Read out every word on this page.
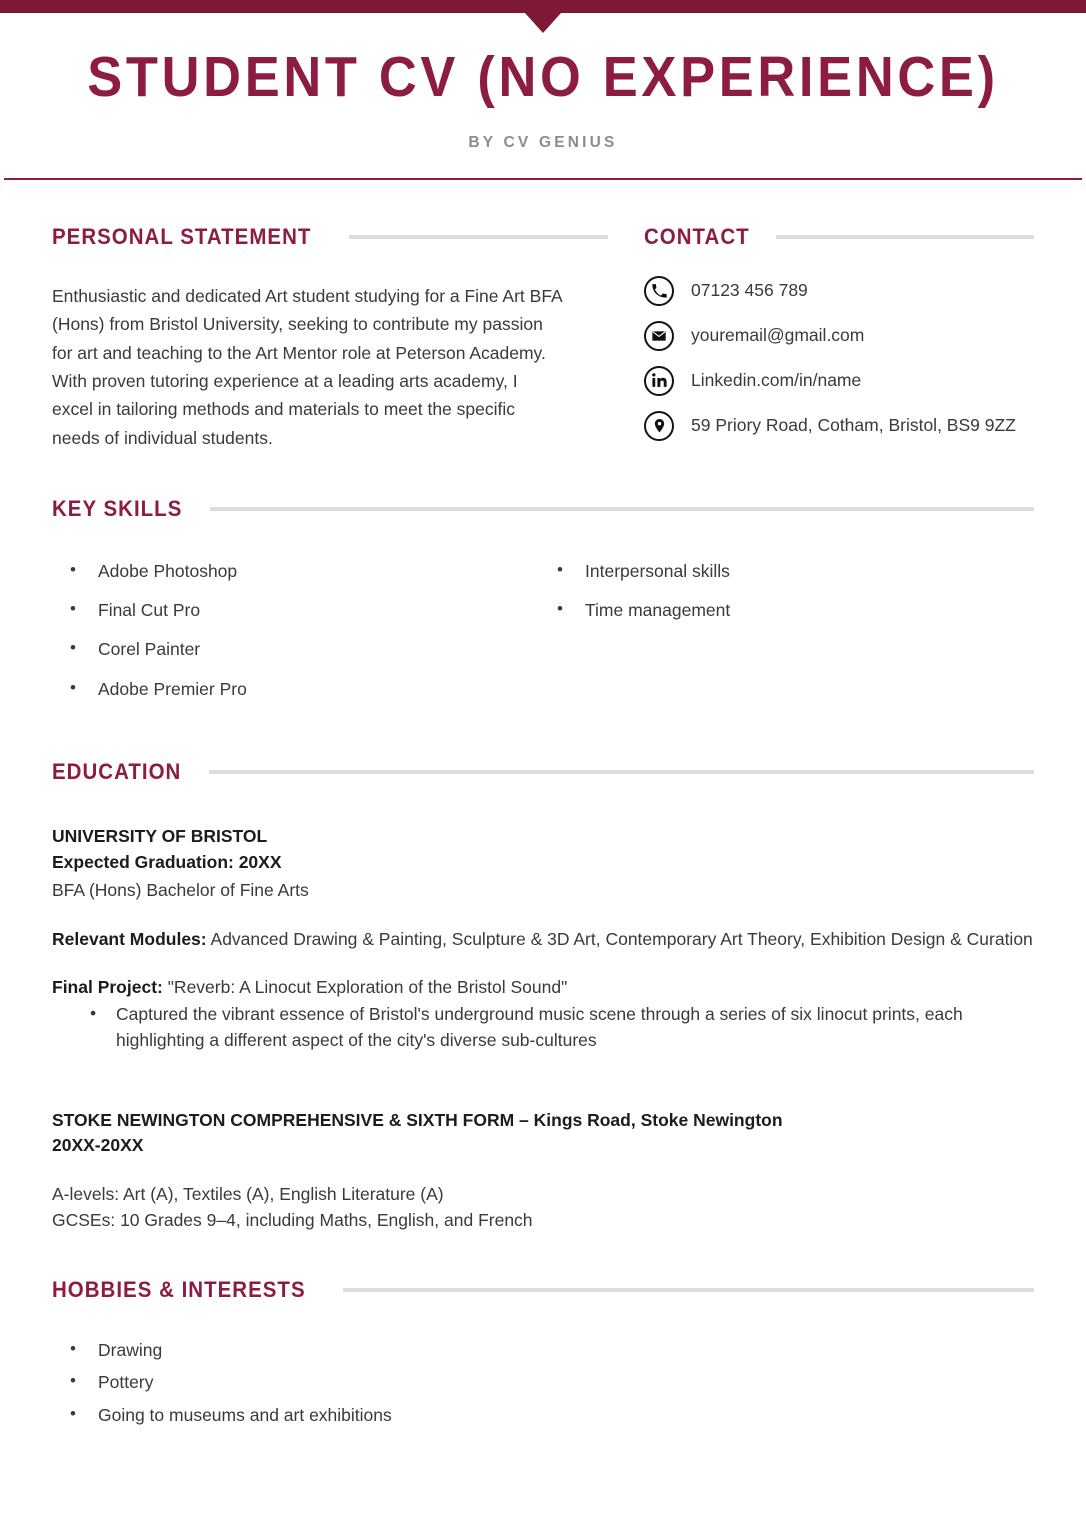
STUDENT CV (NO EXPERIENCE)
BY CV GENIUS
PERSONAL STATEMENT

Enthusiastic and dedicated Art student studying for a Fine Art BFA (Hons) from Bristol University, seeking to contribute my passion for art and teaching to the Art Mentor role at Peterson Academy. With proven tutoring experience at a leading arts academy, I excel in tailoring methods and materials to meet the specific needs of individual students.

CONTACT
07123 456 789
youremail@gmail.com
Linkedin.com/in/name
59 Priory Road, Cotham, Bristol, BS9 9ZZ
KEY SKILLS
• Adobe Photoshop
• Final Cut Pro
• Corel Painter
• Adobe Premier Pro
• Interpersonal skills
• Time management
EDUCATION
UNIVERSITY OF BRISTOL
Expected Graduation: 20XX
BFA (Hons) Bachelor of Fine Arts
Relevant Modules: Advanced Drawing & Painting, Sculpture & 3D Art, Contemporary Art Theory, Exhibition Design & Curation
Final Project: "Reverb: A Linocut Exploration of the Bristol Sound"
• Captured the vibrant essence of Bristol's underground music scene through a series of six linocut prints, each highlighting a different aspect of the city's diverse sub-cultures
STOKE NEWINGTON COMPREHENSIVE & SIXTH FORM – Kings Road, Stoke Newington
20XX-20XX
A-levels: Art (A), Textiles (A), English Literature (A)
GCSEs: 10 Grades 9–4, including Maths, English, and French
HOBBIES & INTERESTS
• Drawing
• Pottery
• Going to museums and art exhibitions
